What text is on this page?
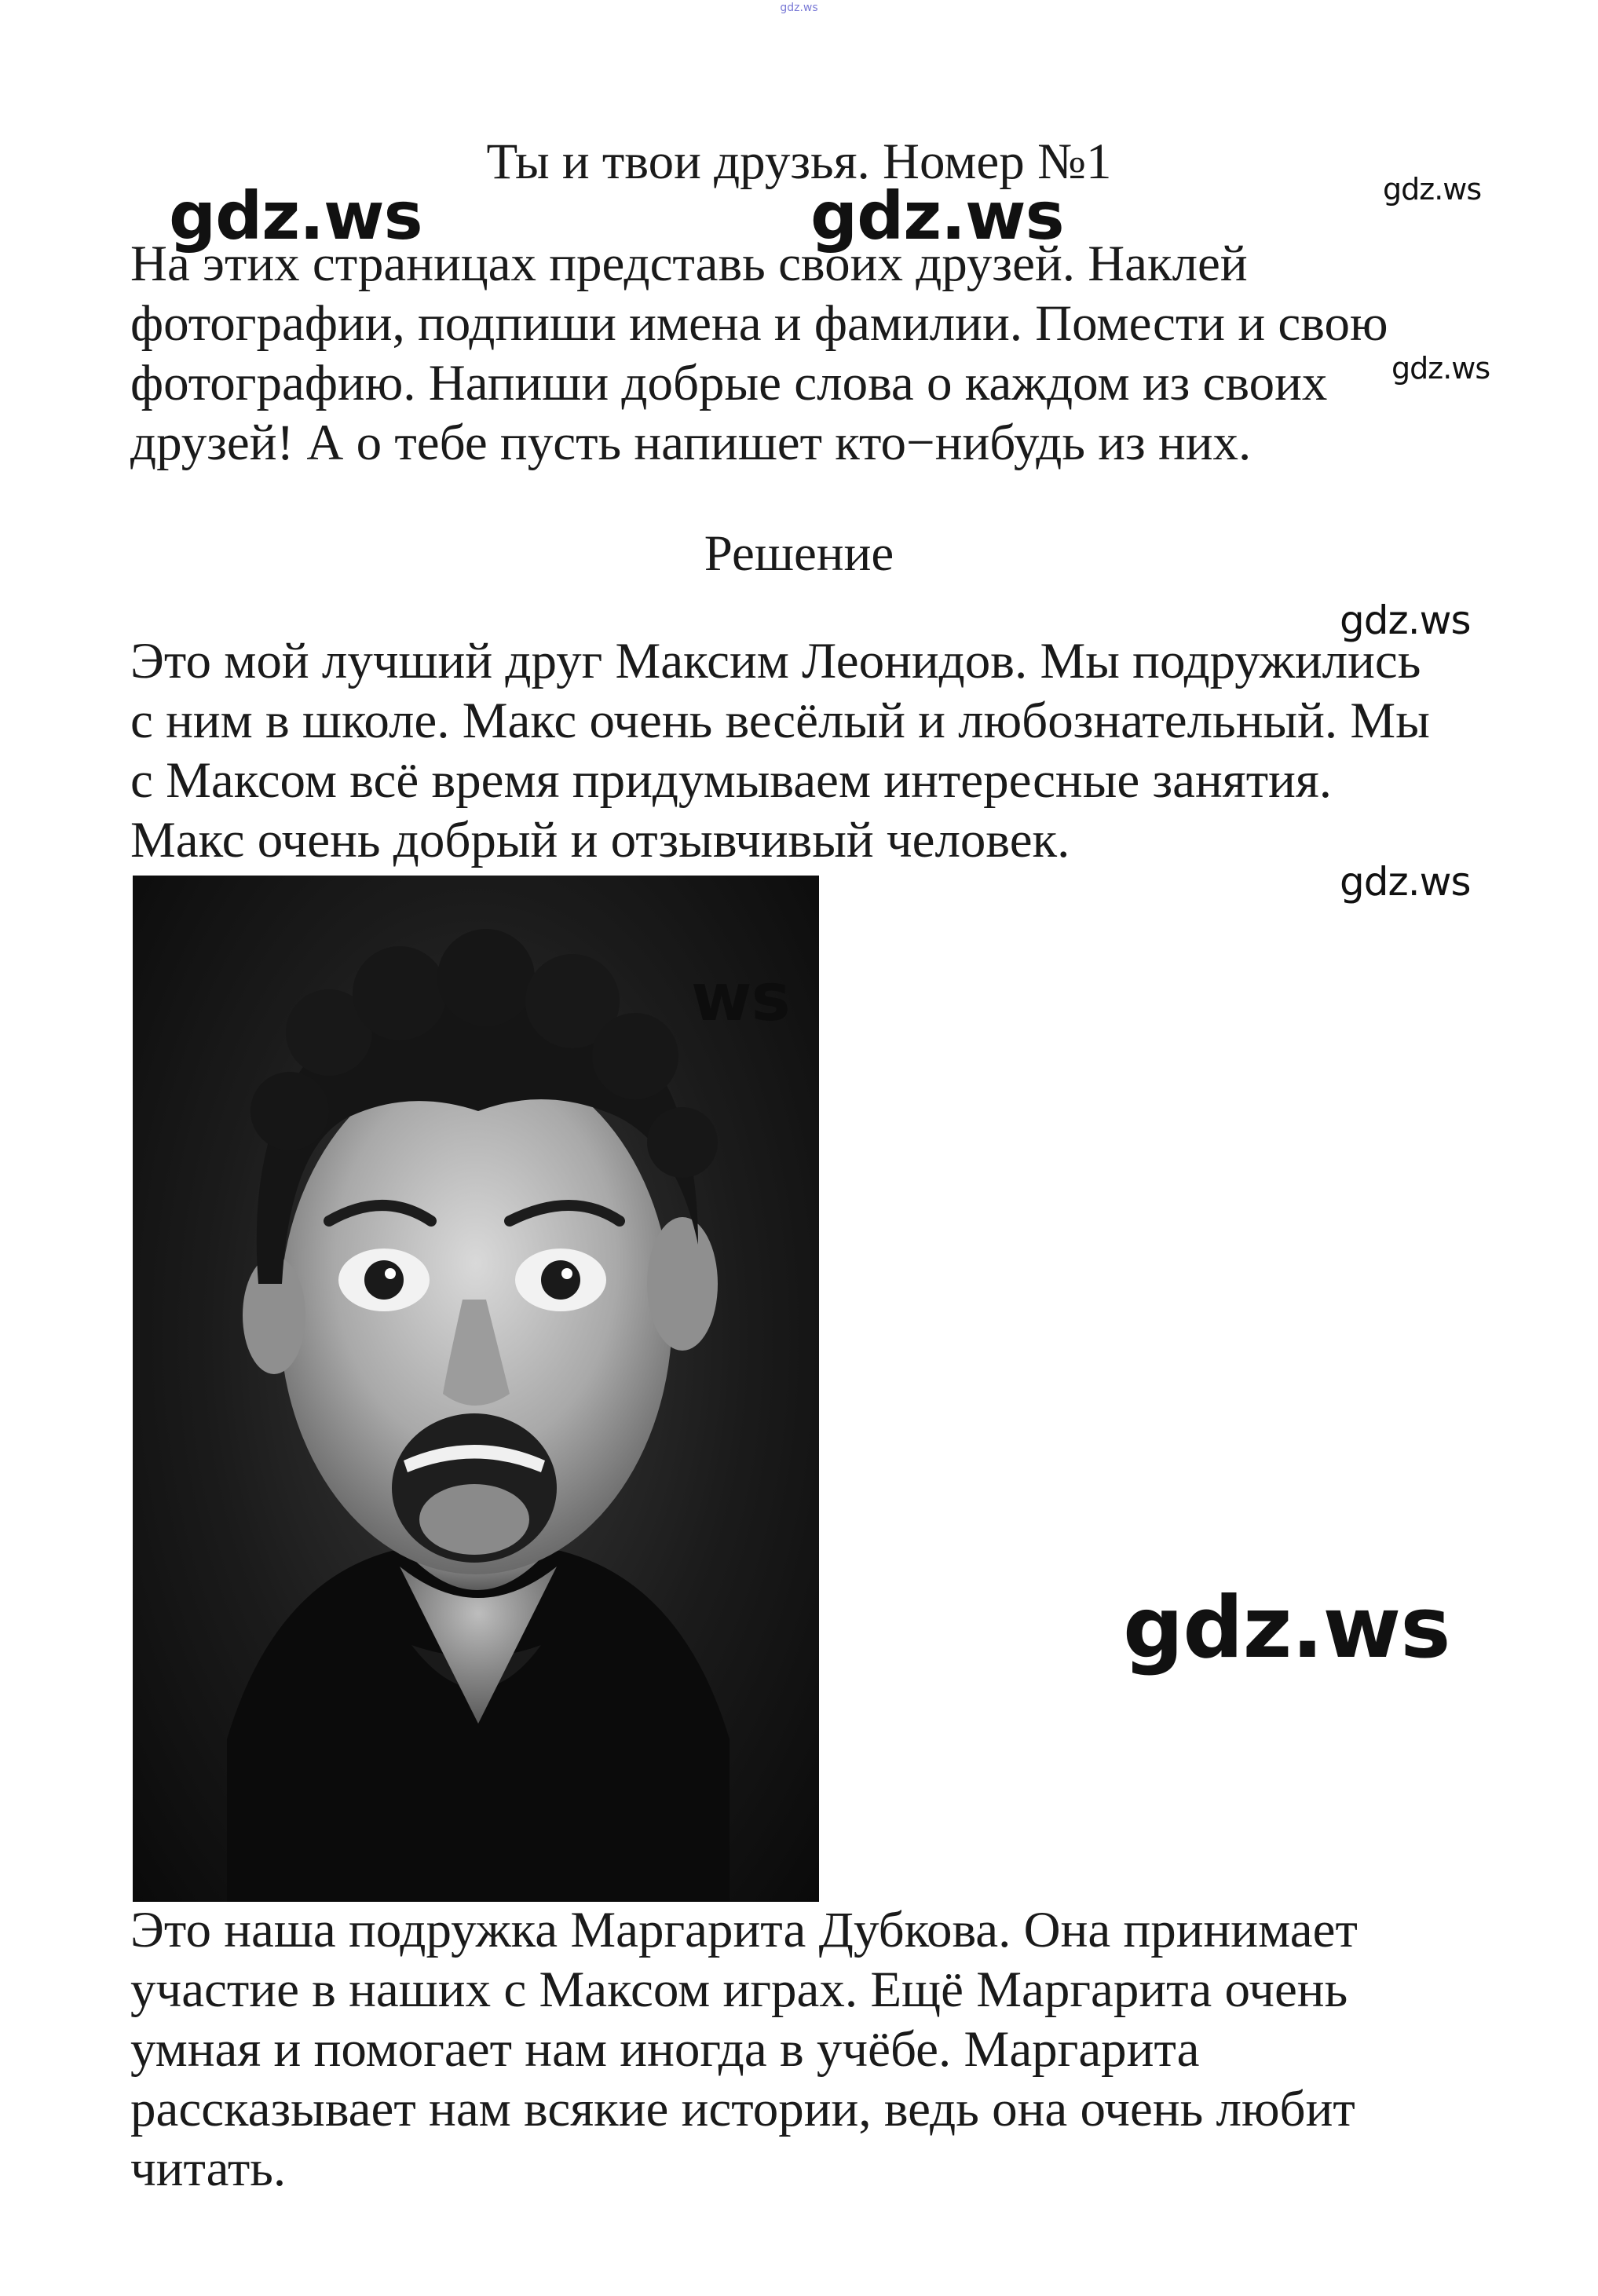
gdz.ws
Ты и твои друзья. Номер №1
На этих страницах представь своих друзей. Наклей
фотографии, подпиши имена и фамилии. Помести и свою
фотографию. Напиши добрые слова о каждом из своих
друзей! А о тебе пусть напишет кто−нибудь из них.
Решение
Это мой лучший друг Максим Леонидов. Мы подружились
с ним в школе. Макс очень весёлый и любознательный. Мы
с Максом всё время придумываем интересные занятия.
Макс очень добрый и отзывчивый человек.
Это наша подружка Маргарита Дубкова. Она принимает
участие в наших с Максом играх. Ещё Маргарита очень
умная и помогает нам иногда в учёбе. Маргарита
рассказывает нам всякие истории, ведь она очень любит
читать.
gdz.ws	gdz.ws	gdz.ws
gdz.ws
gdz.ws
gdz.ws
gdz.ws
ws
